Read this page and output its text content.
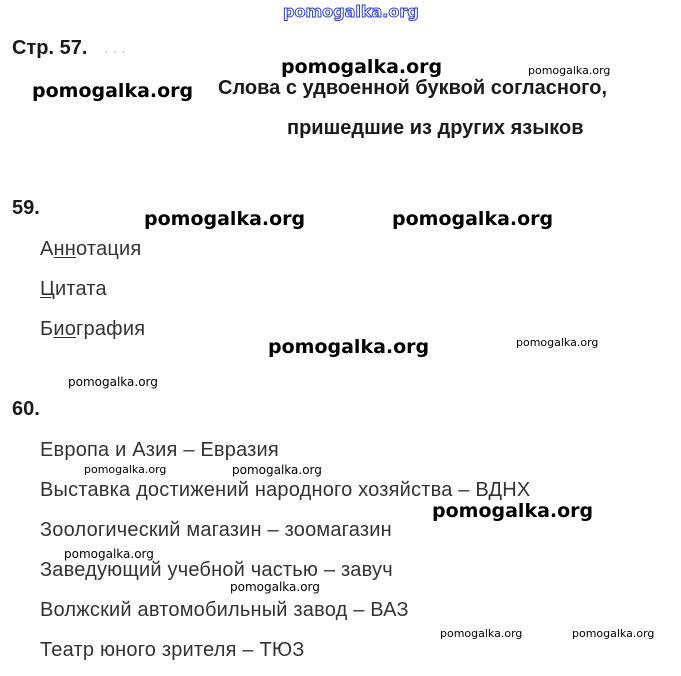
pomogalka.org
Стр. 57. · · ·
Слова с удвоенной буквой согласного,
пришедшие из других языков
59.
Аннотация
Цитата
Биография
60.
Европа и Азия – Евразия
Выставка достижений народного хозяйства – ВДНХ
Зоологический магазин – зоомагазин
Заведующий учебной частью – завуч
Волжский автомобильный завод – ВАЗ
Театр юного зрителя – ТЮЗ
pomogalka.org	pomogalka.org
pomogalka.org
pomogalka.org	pomogalka.org
pomogalka.org	pomogalka.org
pomogalka.org
pomogalka.org	pomogalka.org
pomogalka.org
pomogalka.org
pomogalka.org
pomogalka.org	pomogalka.org
